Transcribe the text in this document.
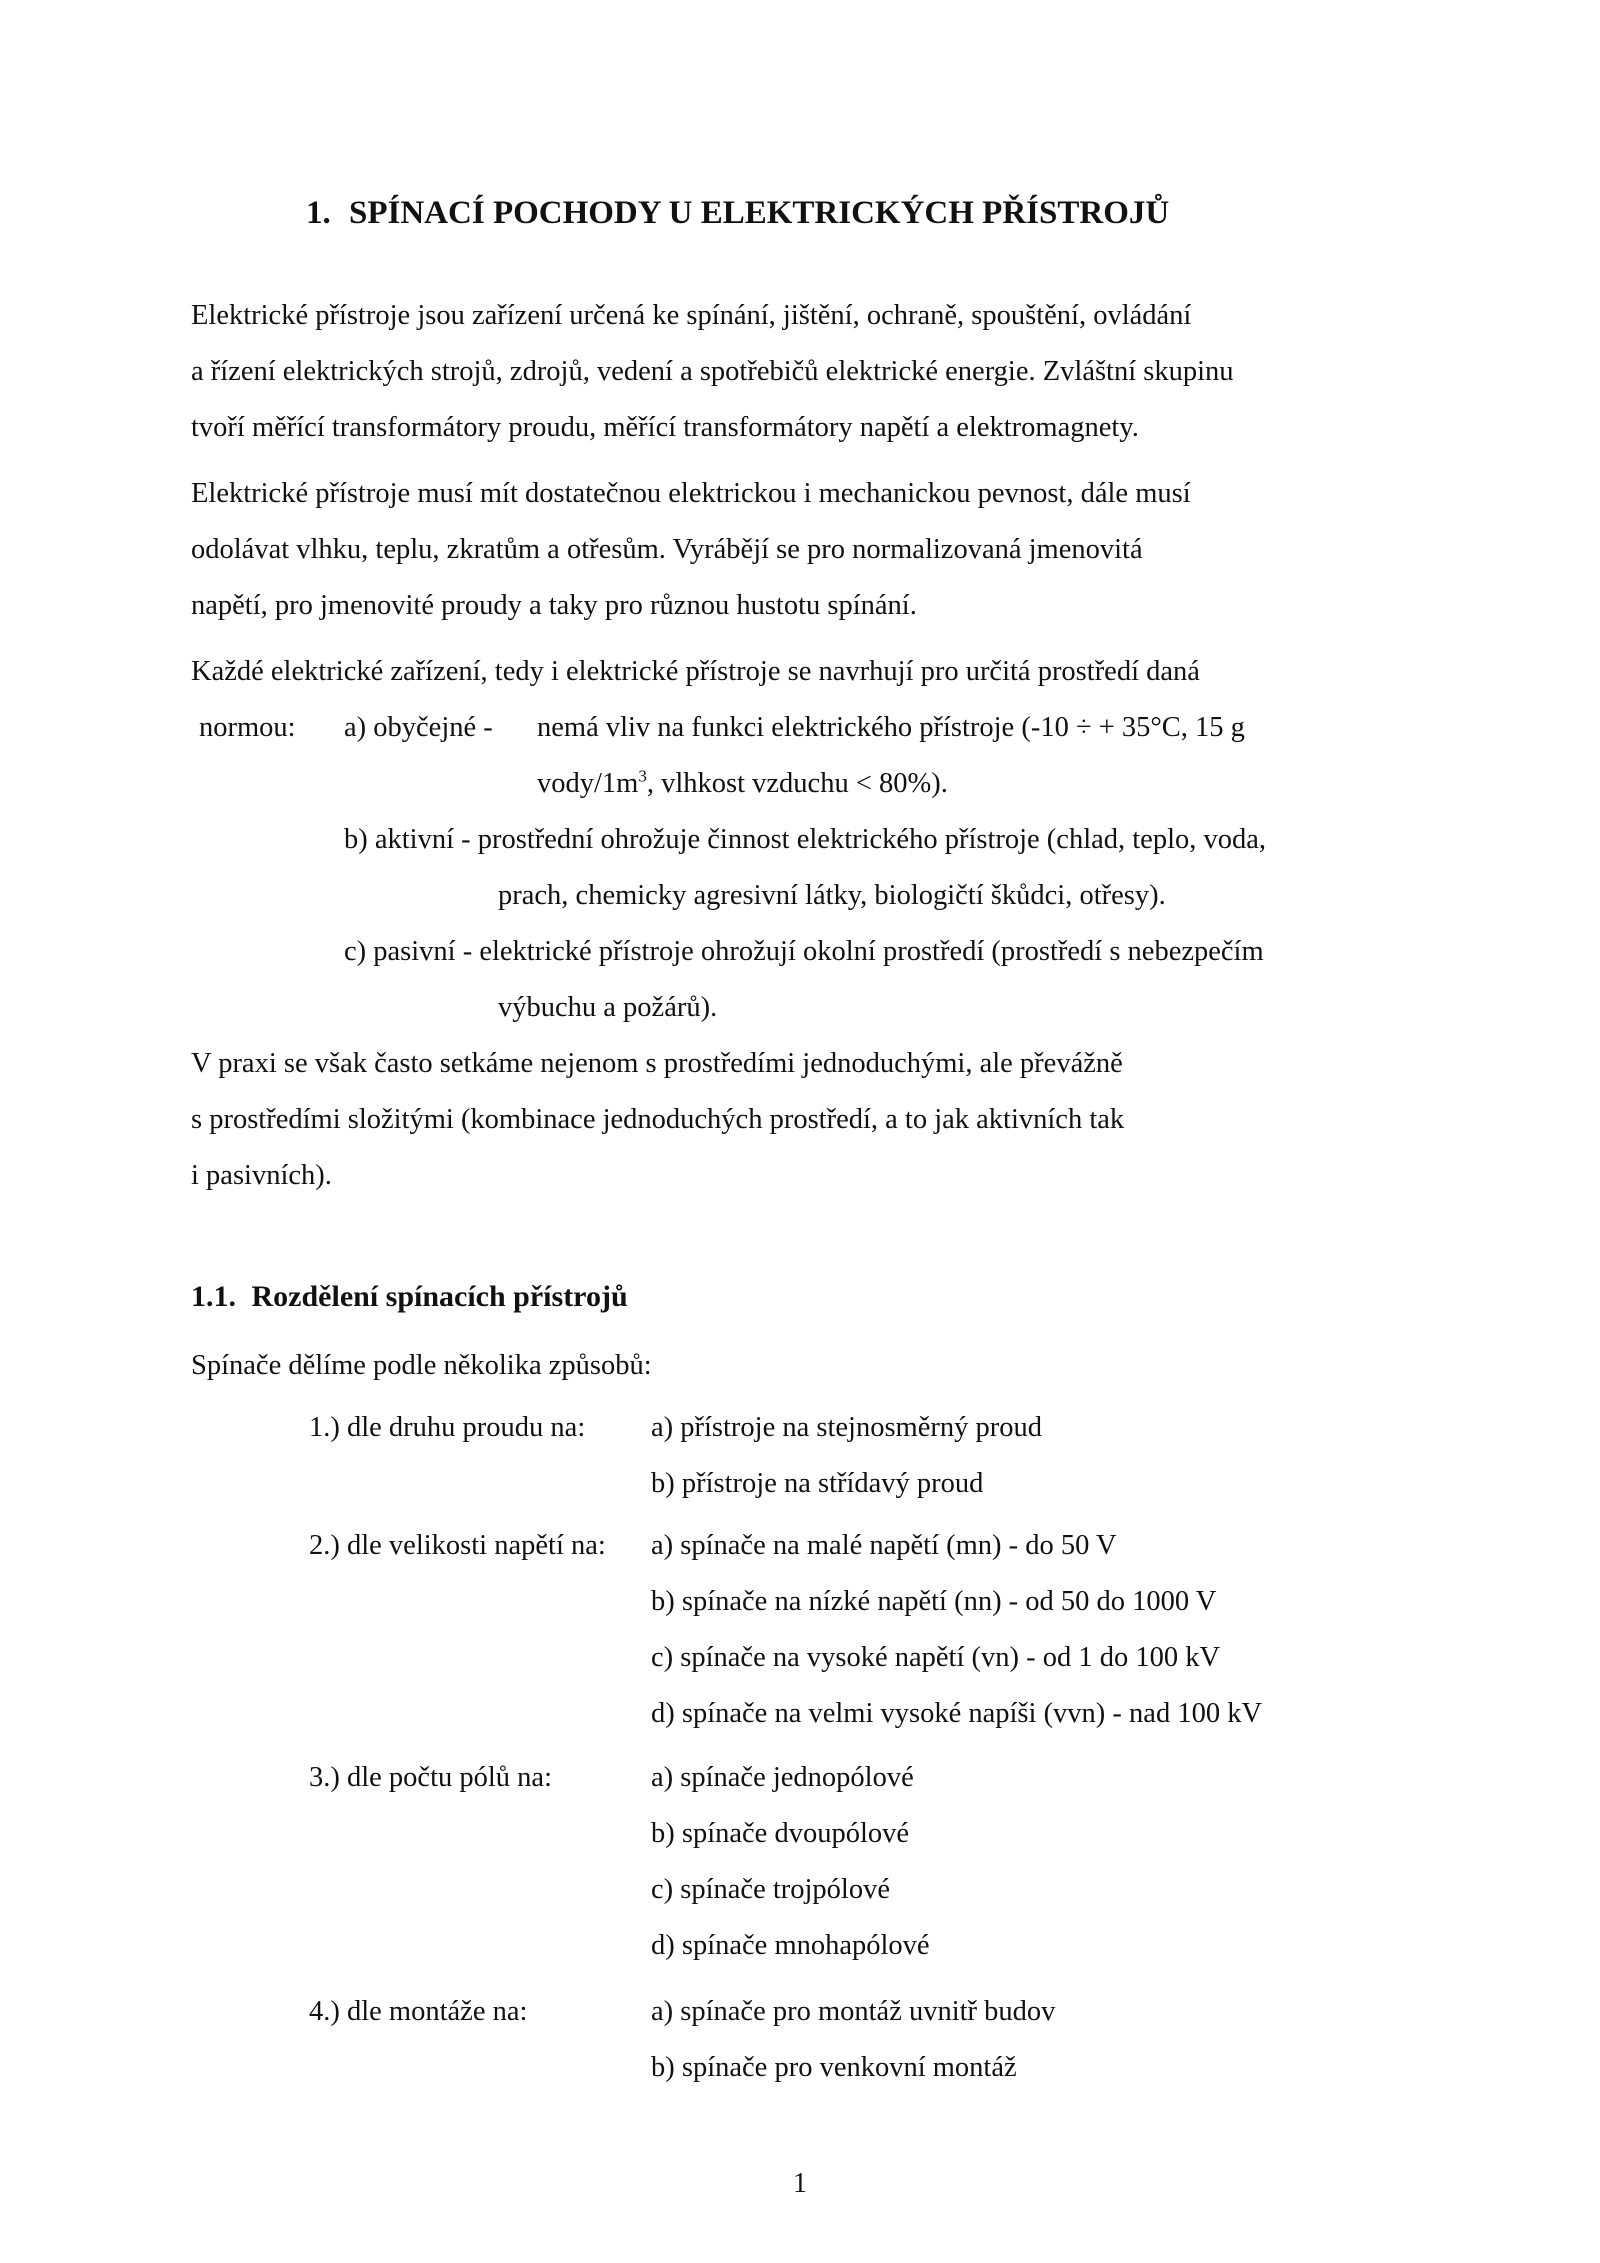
1. SPÍNACÍ POCHODY U ELEKTRICKÝCH PŘÍSTROJŮ
Elektrické přístroje jsou zařízení určená ke spínání, jištění, ochraně, spouštění, ovládání
a řízení elektrických strojů, zdrojů, vedení a spotřebičů elektrické energie. Zvláštní skupinu
tvoří měřící transformátory proudu, měřící transformátory napětí a elektromagnety.
Elektrické přístroje musí mít dostatečnou elektrickou i mechanickou pevnost, dále musí
odolávat vlhku, teplu, zkratům a otřesům. Vyrábějí se pro normalizovaná jmenovitá
napětí, pro jmenovité proudy a taky pro různou hustotu spínání.
Každé elektrické zařízení, tedy i elektrické přístroje se navrhují pro určitá prostředí daná
normou: a) obyčejné - nemá vliv na funkci elektrického přístroje (-10 ÷ + 35°C, 15 g
vody/$1m^3$, vlhkost vzduchu < 80%).
b) aktivní - prostřední ohrožuje činnost elektrického přístroje (chlad, teplo, voda,
prach, chemicky agresivní látky, biologičtí škůdci, otřesy).
c) pasivní - elektrické přístroje ohrožují okolní prostředí (prostředí s nebezpečím
výbuchu a požárů).
V praxi se však často setkáme nejenom s prostředími jednoduchými, ale převážně
s prostředími složitými (kombinace jednoduchých prostředí, a to jak aktivních tak
i pasivních).
1.1. Rozdělení spínacích přístrojů
Spínače dělíme podle několika způsobů:
1.) dle druhu proudu na: a) přístroje na stejnosměrný proud
b) přístroje na střídavý proud
2.) dle velikosti napětí na: a) spínače na malé napětí (mn) - do 50 V
b) spínače na nízké napětí (nn) - od 50 do 1000 V
c) spínače na vysoké napětí (vn) - od 1 do 100 kV
d) spínače na velmi vysoké napíši (vvn) - nad 100 kV
3.) dle počtu pólů na:	a) spínače jednopólové
b) spínače dvoupólové
c) spínače trojpólové
d) spínače mnohapólové
4.) dle montáže na:	a) spínače pro montáž uvnitř budov
b) spínače pro venkovní montáž
1
